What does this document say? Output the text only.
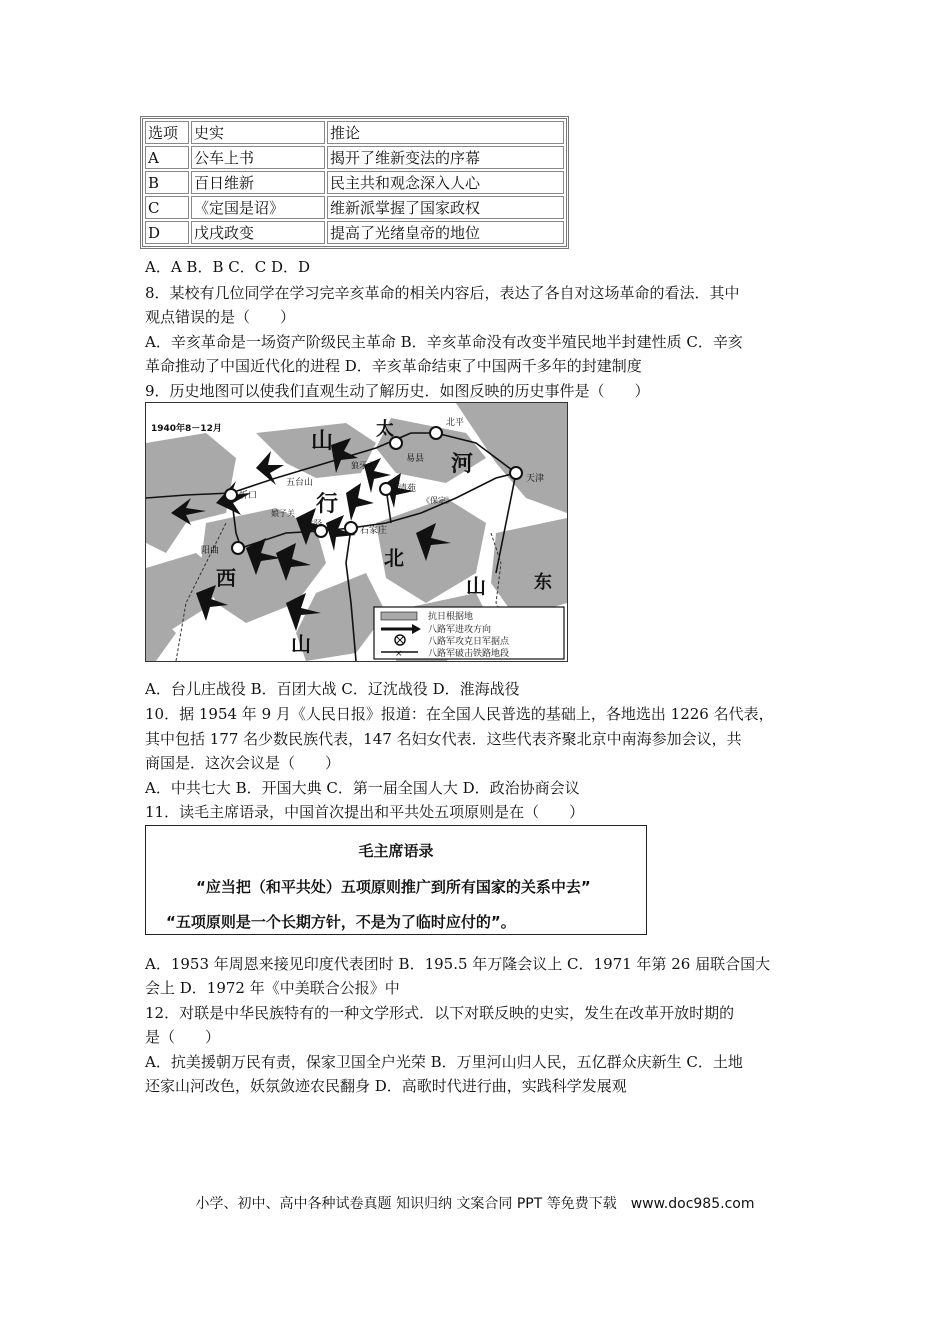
选项	史实	推论
A	公车上书	揭开了维新变法的序幕
B	百日维新	民主共和观念深入人心
C	《定国是诏》	维新派掌握了国家政权
D	戊戌政变	提高了光绪皇帝的地位
A．A B．B C．C D．D
8．某校有几位同学在学习完辛亥革命的相关内容后，表达了各自对这场革命的看法．其中
观点错误的是（　　）
A．辛亥革命是一场资产阶级民主革命 B．辛亥革命没有改变半殖民地半封建性质 C．辛亥
革命推动了中国近代化的进程 D．辛亥革命结束了中国两千多年的封建制度
9．历史地图可以使我们直观生动了解历史．如图反映的历史事件是（　　）
1940年8－12月	山 太
河
行
西
山
北
山	东
易县
北平
五台山
狼牙山
清苑
《保定》
天津
忻口
井陉
石家庄
阳曲
娘子关
×
抗日根据地
八路军进攻方向
八路军攻克日军据点
八路军破击铁路地段
A．台儿庄战役 B．百团大战 C．辽沈战役 D．淮海战役
10．据 1954 年 9 月《人民日报》报道：在全国人民普选的基础上，各地选出 1226 名代表，
其中包括 177 名少数民族代表，147 名妇女代表．这些代表齐聚北京中南海参加会议，共
商国是．这次会议是（　　）
A．中共七大 B．开国大典 C．第一届全国人大 D．政治协商会议
11．读毛主席语录，中国首次提出和平共处五项原则是在（　　）
毛主席语录
“应当把（和平共处）五项原则推广到所有国家的关系中去”
“五项原则是一个长期方针，不是为了临时应付的”。
A．1953 年周恩来接见印度代表团时 B．195.5 年万隆会议上 C．1971 年第 26 届联合国大
会上 D．1972 年《中美联合公报》中
12．对联是中华民族特有的一种文学形式．以下对联反映的史实，发生在改革开放时期的
是（　　）
A．抗美援朝万民有责，保家卫国全户光荣 B．万里河山归人民，五亿群众庆新生 C．土地
还家山河改色，妖氛敛迹农民翻身 D．高歌时代进行曲，实践科学发展观
小学、初中、高中各种试卷真题 知识归纳 文案合同 PPT 等免费下载　www.doc985.com
